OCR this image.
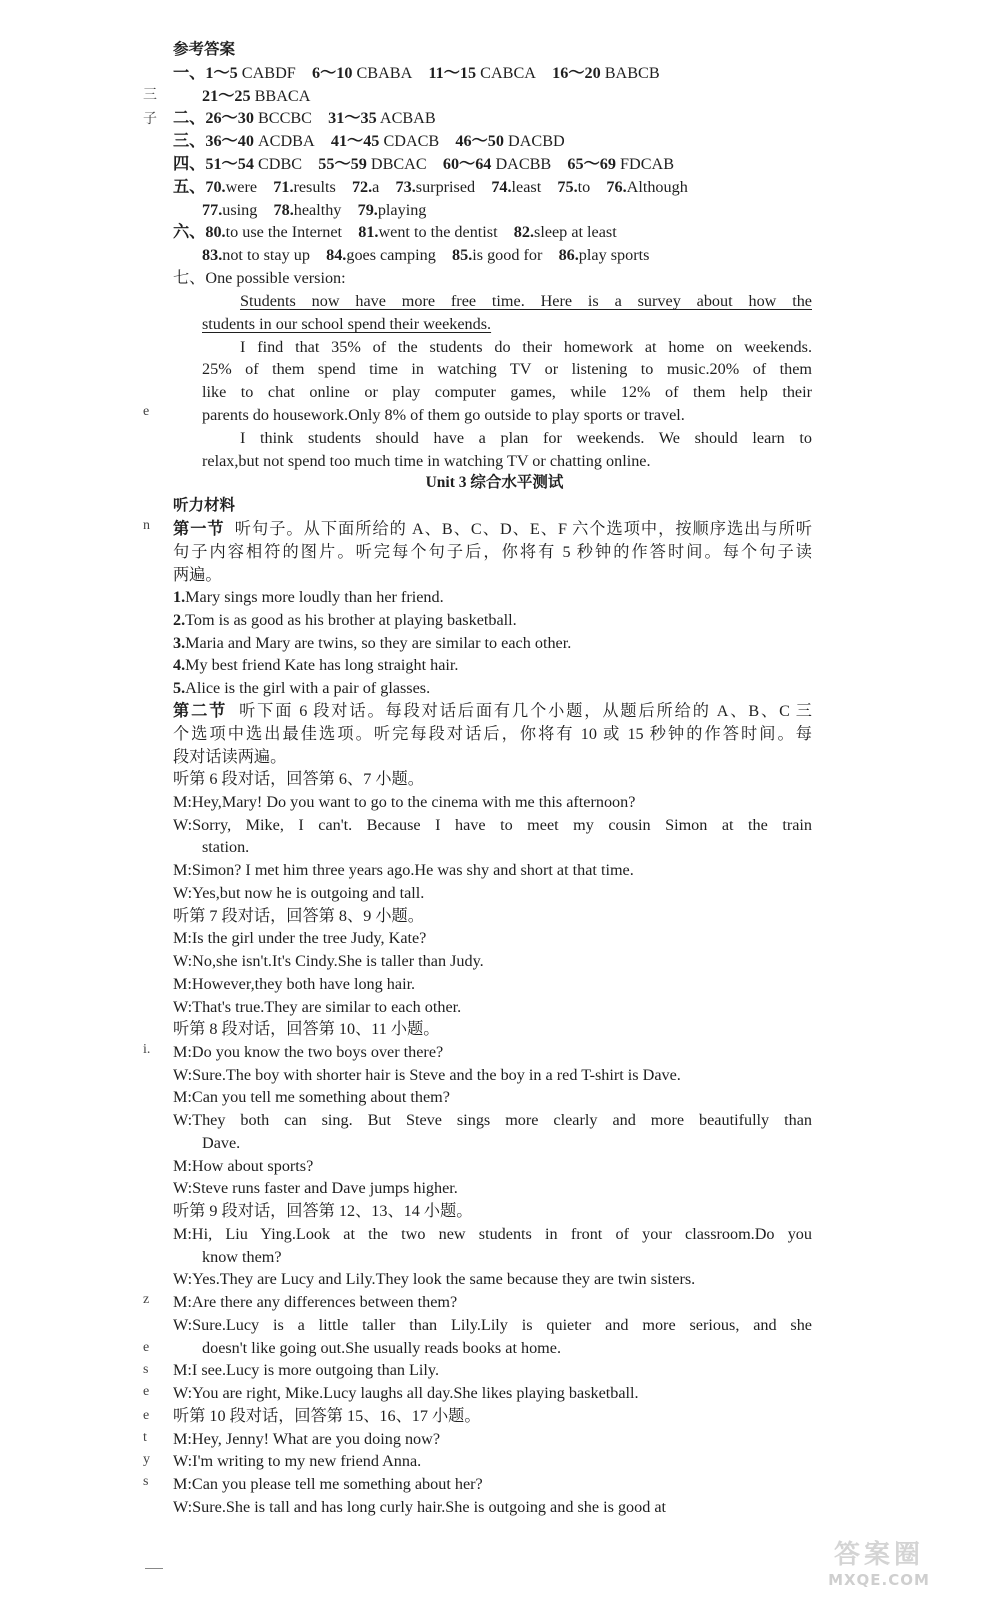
三
子
e
n
i.
z
e
s
e
e
t
y
s
参考答案
一、1～5 CABDF 6～10 CBABA 11～15 CABCA 16～20 BABCB
21～25 BBACA
二、26～30 BCCBC 31～35 ACBAB
三、36～40 ACDBA 41～45 CDACB 46～50 DACBD
四、51～54 CDBC 55～59 DBCAC 60～64 DACBB 65～69 FDCAB
五、70.were 71.results 72.a 73.surprised 74.least 75.to 76.Although
77.using 78.healthy 79.playing
六、80.to use the Internet 81.went to the dentist 82.sleep at least
83.not to stay up 84.goes camping 85.is good for 86.play sports
七、One possible version:
Students now have more free time. Here is a survey about how the
students in our school spend their weekends.
I find that 35% of the students do their homework at home on weekends.
25% of them spend time in watching TV or listening to music.20% of them
like to chat online or play computer games, while 12% of them help their
parents do housework.Only 8% of them go outside to play sports or travel.
I think students should have a plan for weekends. We should learn to
relax,but not spend too much time in watching TV or chatting online.
Unit 3 综合水平测试
听力材料
第一节 听句子。从下面所给的 A、B、C、D、E、F 六个选项中，按顺序选出与所听
句子内容相符的图片。听完每个句子后，你将有 5 秒钟的作答时间。每个句子读
两遍。
1.Mary sings more loudly than her friend.
2.Tom is as good as his brother at playing basketball.
3.Maria and Mary are twins, so they are similar to each other.
4.My best friend Kate has long straight hair.
5.Alice is the girl with a pair of glasses.
第二节 听下面 6 段对话。每段对话后面有几个小题，从题后所给的 A、B、C 三
个选项中选出最佳选项。听完每段对话后，你将有 10 或 15 秒钟的作答时间。每
段对话读两遍。
听第 6 段对话，回答第 6、7 小题。
M:Hey,Mary! Do you want to go to the cinema with me this afternoon?
W:Sorry, Mike, I can't. Because I have to meet my cousin Simon at the train
station.
M:Simon? I met him three years ago.He was shy and short at that time.
W:Yes,but now he is outgoing and tall.
听第 7 段对话，回答第 8、9 小题。
M:Is the girl under the tree Judy, Kate?
W:No,she isn't.It's Cindy.She is taller than Judy.
M:However,they both have long hair.
W:That's true.They are similar to each other.
听第 8 段对话，回答第 10、11 小题。
M:Do you know the two boys over there?
W:Sure.The boy with shorter hair is Steve and the boy in a red T-shirt is Dave.
M:Can you tell me something about them?
W:They both can sing. But Steve sings more clearly and more beautifully than
Dave.
M:How about sports?
W:Steve runs faster and Dave jumps higher.
听第 9 段对话，回答第 12、13、14 小题。
M:Hi, Liu Ying.Look at the two new students in front of your classroom.Do you
know them?
W:Yes.They are Lucy and Lily.They look the same because they are twin sisters.
M:Are there any differences between them?
W:Sure.Lucy is a little taller than Lily.Lily is quieter and more serious, and she
doesn't like going out.She usually reads books at home.
M:I see.Lucy is more outgoing than Lily.
W:You are right, Mike.Lucy laughs all day.She likes playing basketball.
听第 10 段对话，回答第 15、16、17 小题。
M:Hey, Jenny! What are you doing now?
W:I'm writing to my new friend Anna.
M:Can you please tell me something about her?
W:Sure.She is tall and has long curly hair.She is outgoing and she is good at
答案圈
MXQE.COM
